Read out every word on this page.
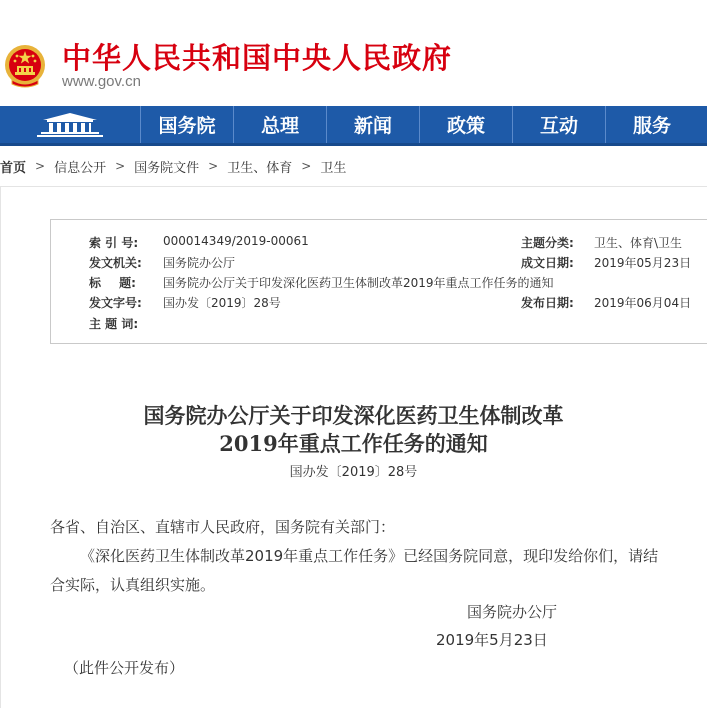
中华人民共和国中央人民政府
www.gov.cn
国务院	总理	新闻	政策	互动	服务
首页 > 信息公开 > 国务院文件 > 卫生、体育 > 卫生
索 引 号: 000014349/2019-00061	主题分类: 卫生、体育\卫生
发文机关: 国务院办公厅	成文日期: 2019年05月23日
标 题: 国务院办公厅关于印发深化医药卫生体制改革2019年重点工作任务的通知
发文字号: 国办发〔2019〕28号	发布日期: 2019年06月04日
主 题 词:
国务院办公厅关于印发深化医药卫生体制改革
2019年重点工作任务的通知
国办发〔2019〕28号
各省、自治区、直辖市人民政府，国务院有关部门：
《深化医药卫生体制改革2019年重点工作任务》已经国务院同意，现印发给你们，请结
合实际，认真组织实施。
国务院办公厅
2019年5月23日
（此件公开发布）
